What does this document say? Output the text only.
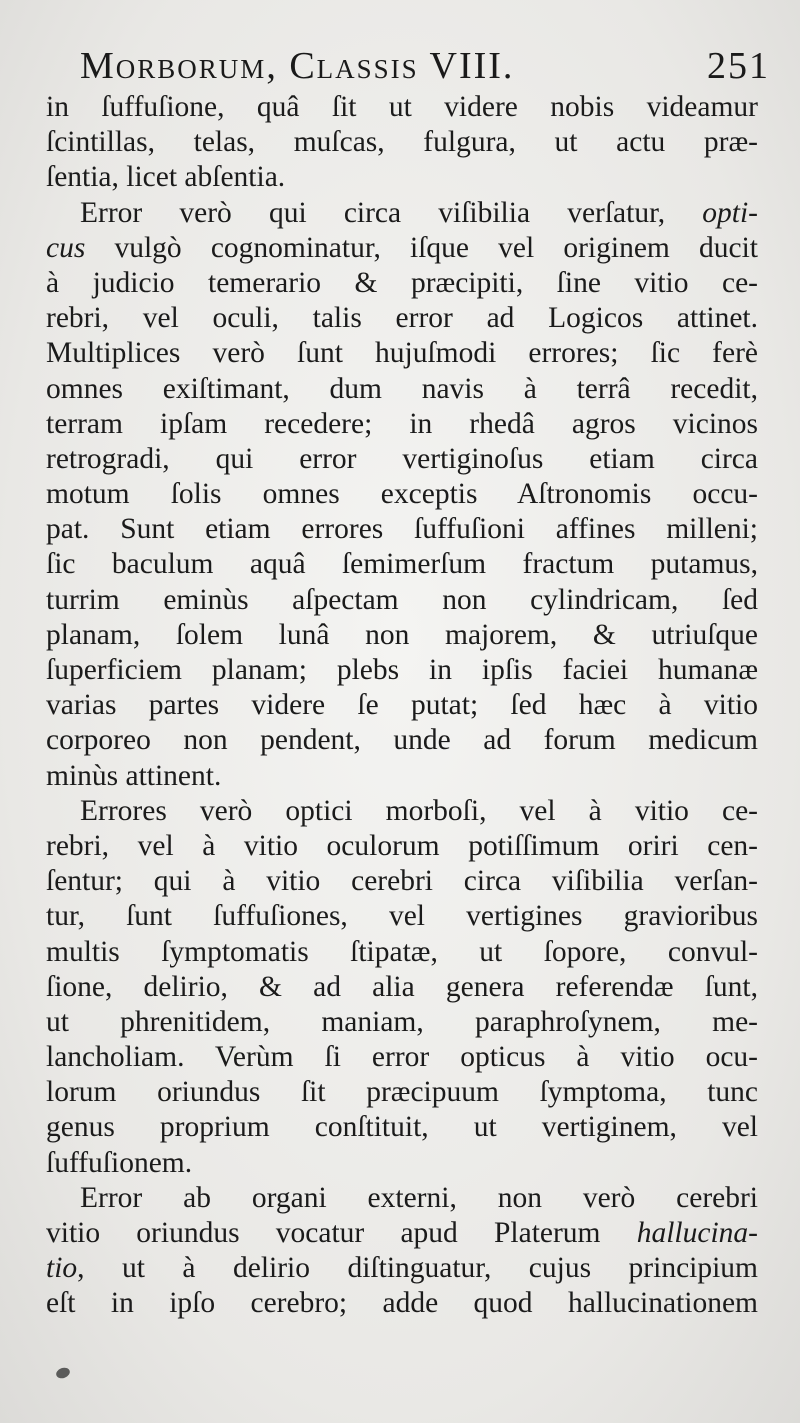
Morborum, Classis VIII.	251
in ſuffuſione, quâ ſit ut videre nobis videamur
ſcintillas, telas, muſcas, fulgura, ut actu præ-
ſentia, licet abſentia.
Error verò qui circa viſibilia verſatur, opti-
cus vulgò cognominatur, iſque vel originem ducit
à judicio temerario & præcipiti, ſine vitio ce-
rebri, vel oculi, talis error ad Logicos attinet.
Multiplices verò ſunt hujuſmodi errores; ſic ferè
omnes exiſtimant, dum navis à terrâ recedit,
terram ipſam recedere; in rhedâ agros vicinos
retrogradi, qui error vertiginoſus etiam circa
motum ſolis omnes exceptis Aſtronomis occu-
pat. Sunt etiam errores ſuffuſioni affines milleni;
ſic baculum aquâ ſemimerſum fractum putamus,
turrim eminùs aſpectam non cylindricam, ſed
planam, ſolem lunâ non majorem, & utriuſque
ſuperficiem planam; plebs in ipſis faciei humanæ
varias partes videre ſe putat; ſed hæc à vitio
corporeo non pendent, unde ad forum medicum
minùs attinent.
Errores verò optici morboſi, vel à vitio ce-
rebri, vel à vitio oculorum potiſſimum oriri cen-
ſentur; qui à vitio cerebri circa viſibilia verſan-
tur, ſunt ſuffuſiones, vel vertigines gravioribus
multis ſymptomatis ſtipatæ, ut ſopore, convul-
ſione, delirio, & ad alia genera referendæ ſunt,
ut phrenitidem, maniam, paraphroſynem, me-
lancholiam. Verùm ſi error opticus à vitio ocu-
lorum oriundus ſit præcipuum ſymptoma, tunc
genus proprium conſtituit, ut vertiginem, vel
ſuffuſionem.
Error ab organi externi, non verò cerebri
vitio oriundus vocatur apud Platerum hallucina-
tio, ut à delirio diſtinguatur, cujus principium
eſt in ipſo cerebro; adde quod hallucinationem
